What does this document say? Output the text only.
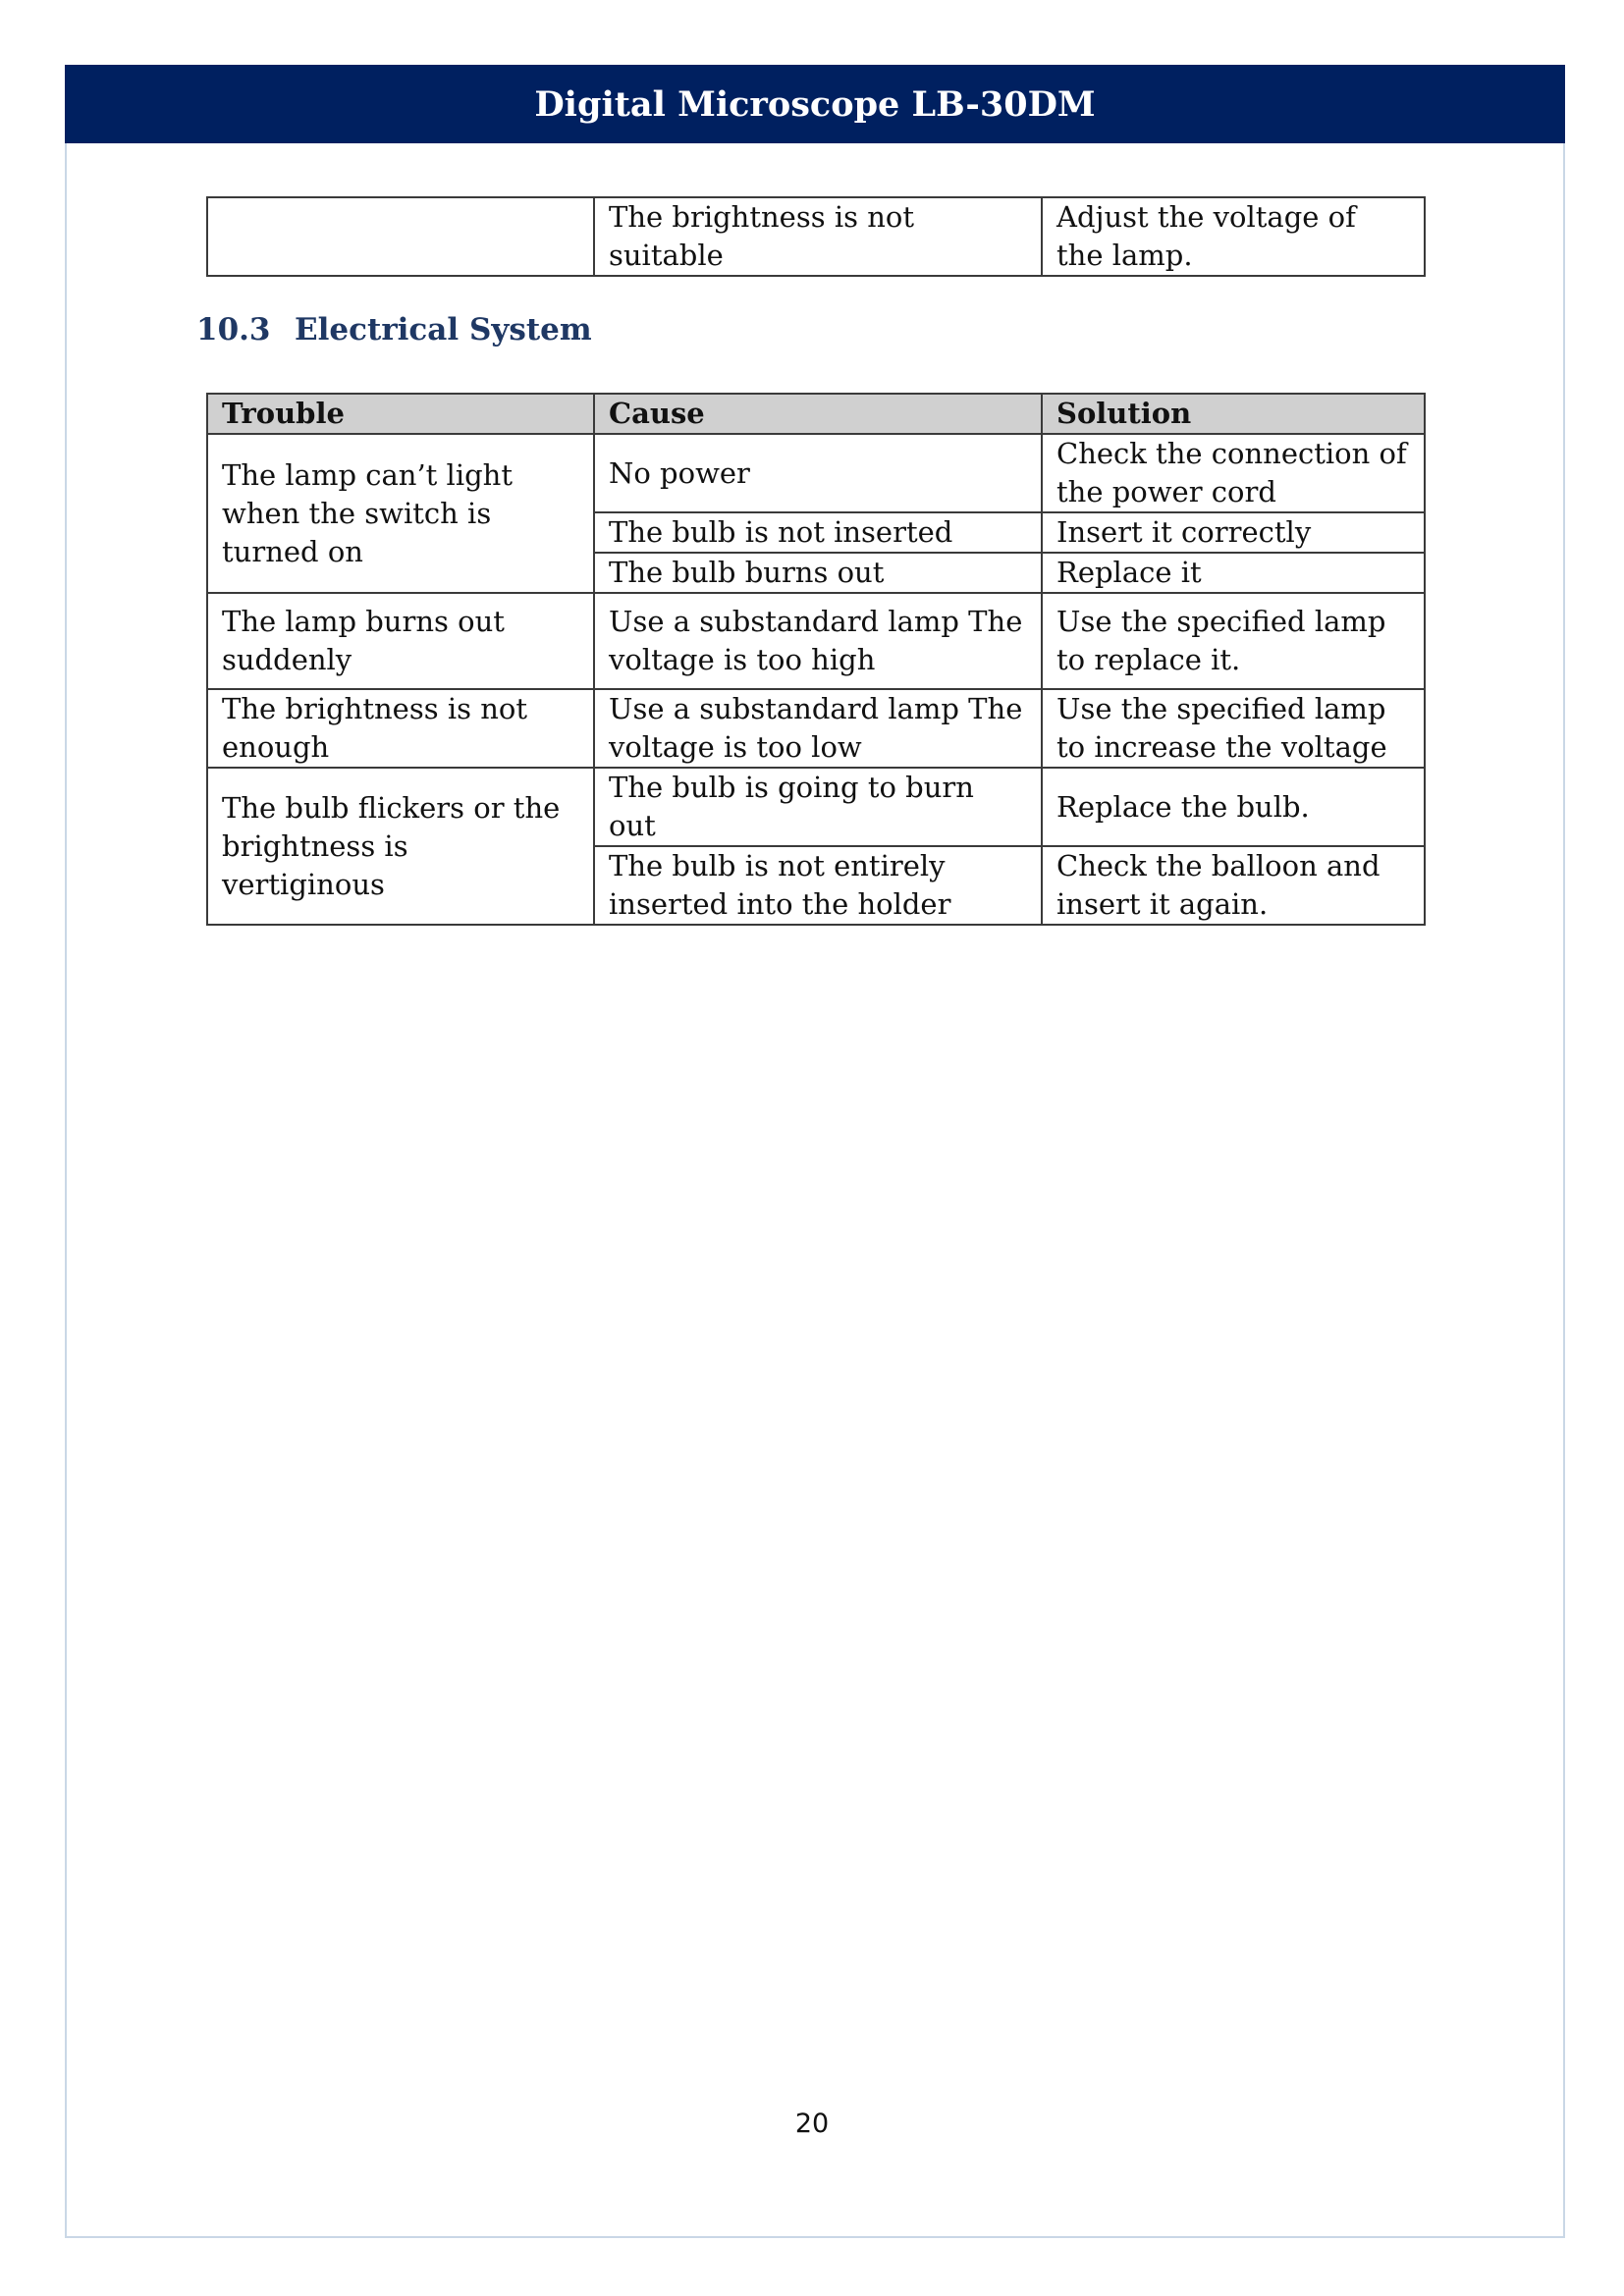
Digital Microscope LB-30DM
	The brightness is not suitable	Adjust the voltage of the lamp.
10.3 Electrical System
Trouble	Cause	Solution
The lamp can’t light when the switch is turned on	No power	Check the connection of the power cord
	The bulb is not inserted	Insert it correctly
	The bulb burns out	Replace it
The lamp burns out suddenly	Use a substandard lamp The voltage is too high	Use the specified lamp to replace it.
The brightness is not enough	Use a substandard lamp The voltage is too low	Use the specified lamp to increase the voltage
The bulb flickers or the brightness is vertiginous	The bulb is going to burn out	Replace the bulb.
	The bulb is not entirely inserted into the holder	Check the balloon and insert it again.
20
